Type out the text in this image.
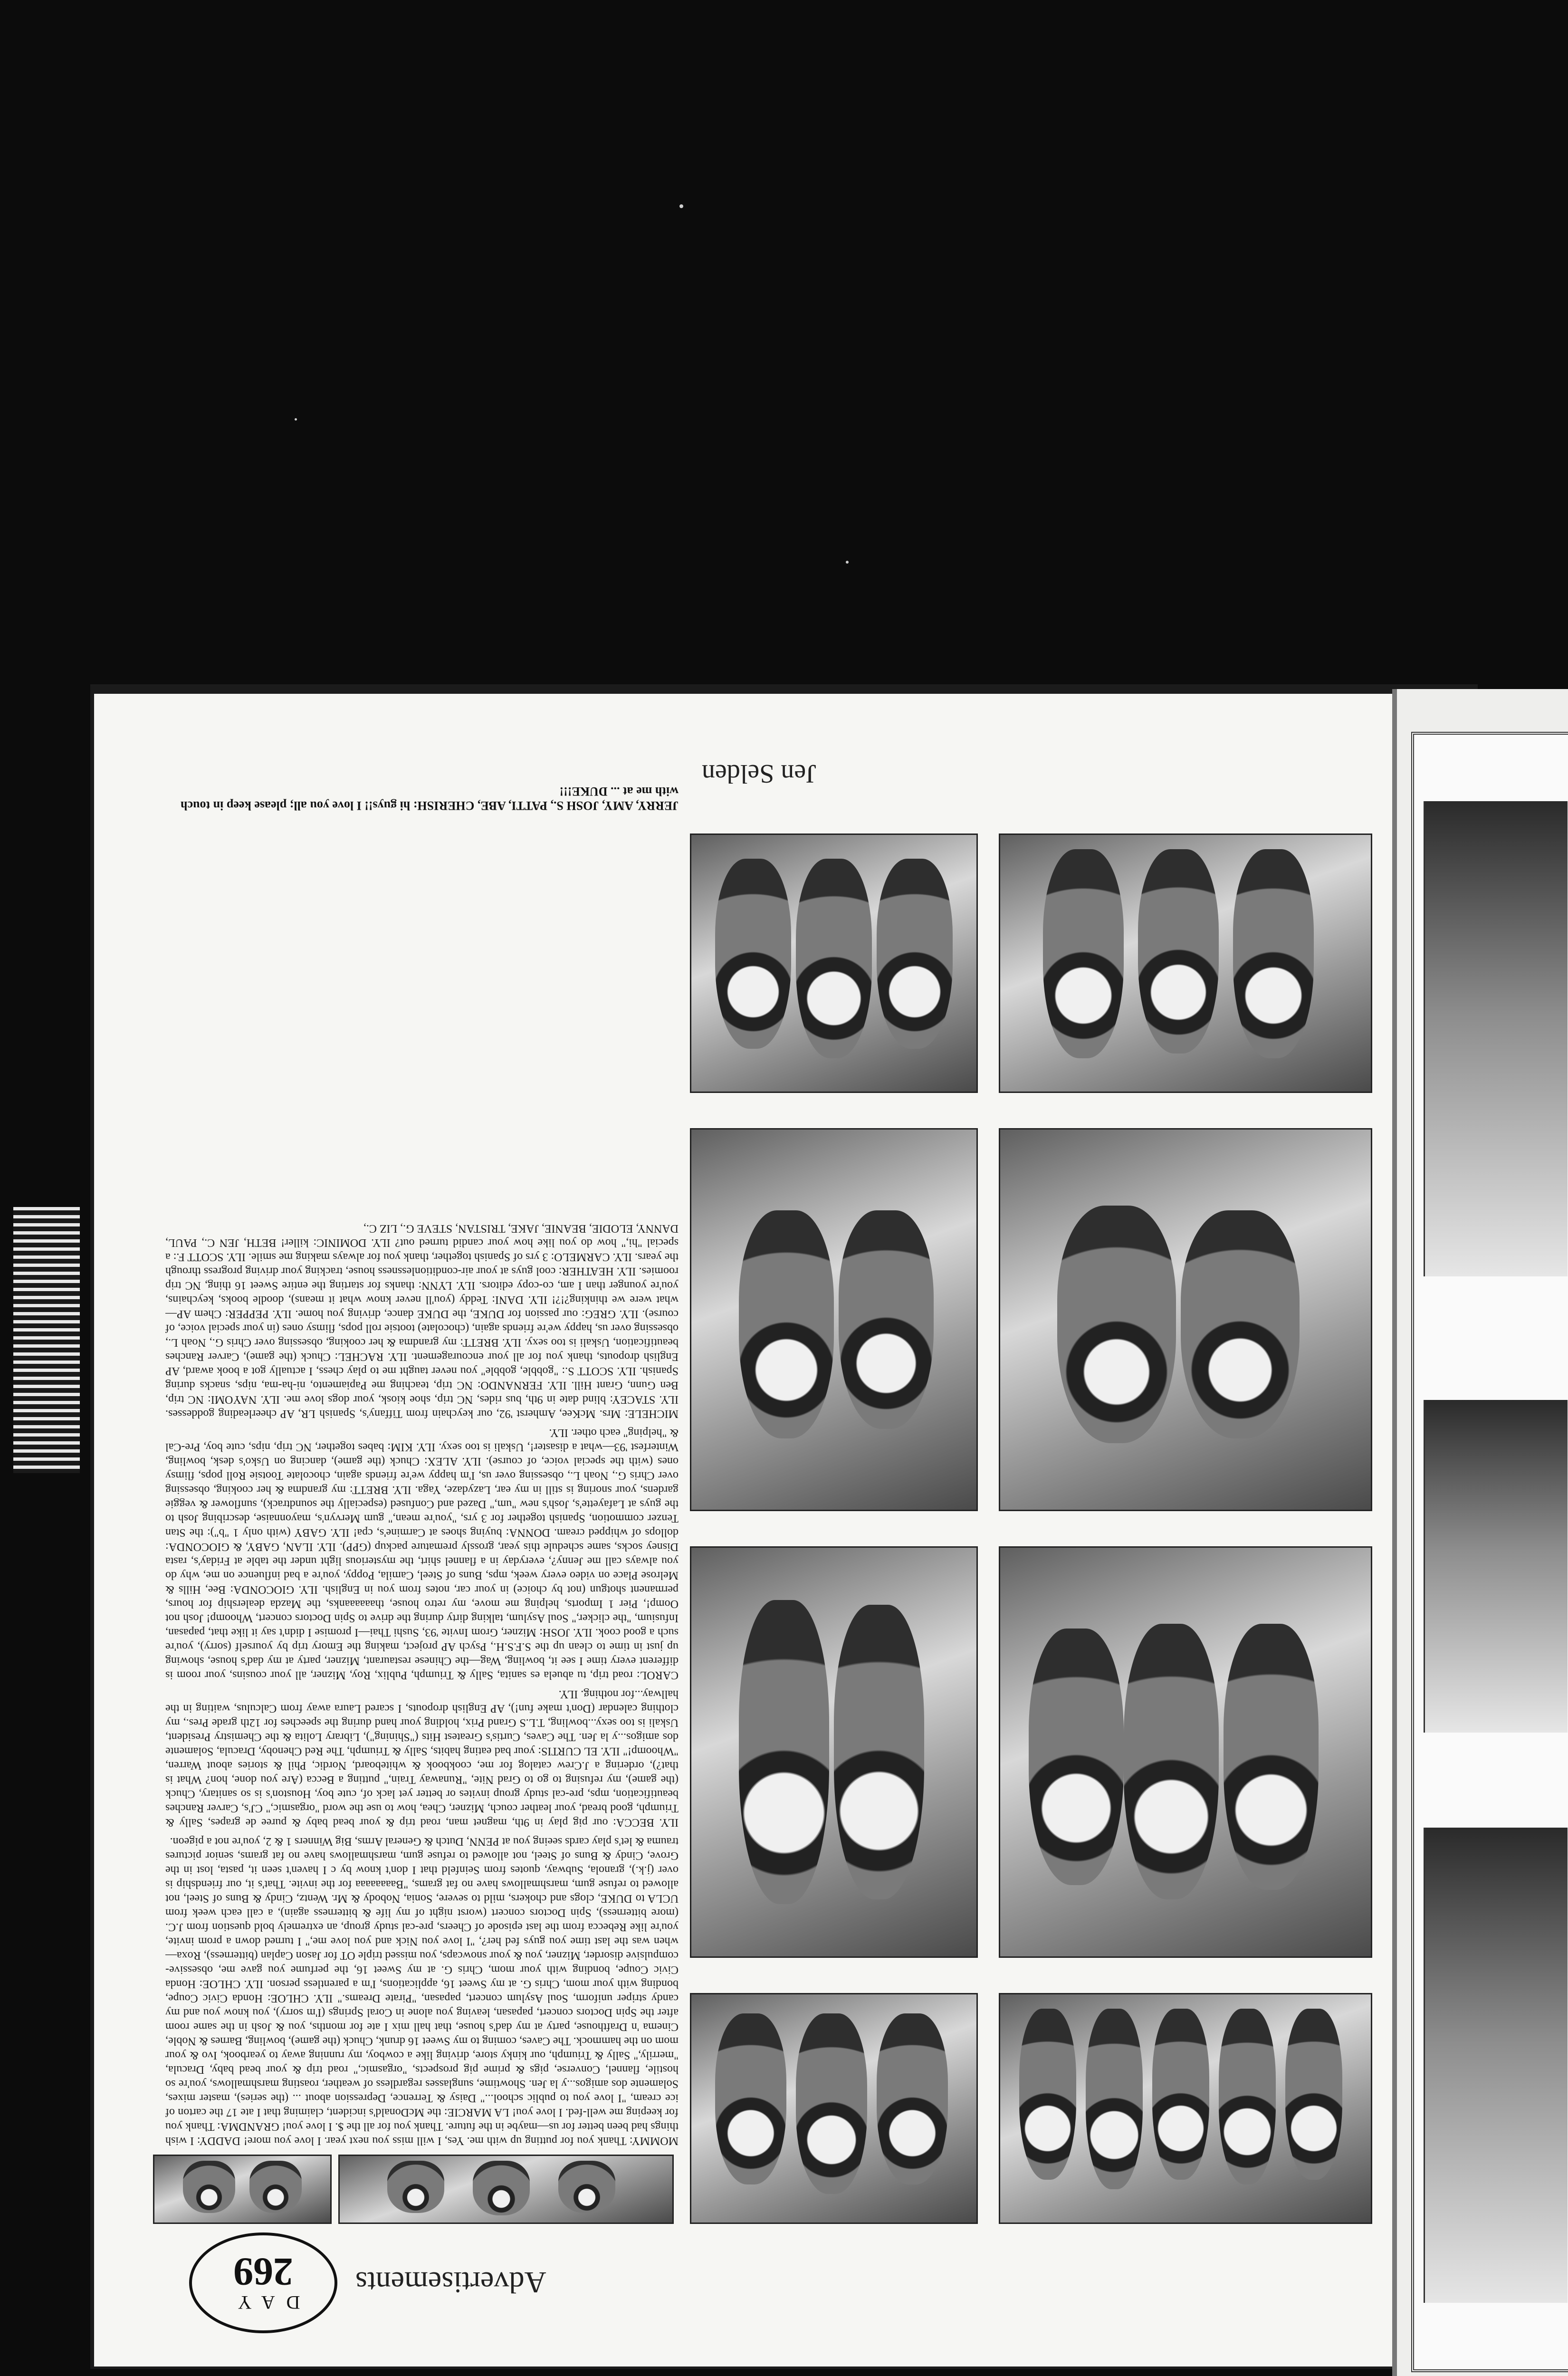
DAY
269 Advertisements

MOMMY: Thank you for putting up with me. Yes, I will miss you next year. I love you more! DADDY: I wish things had been better for us—maybe in the future. Thank you for all the $. I love you! GRANDMA: Thank you for keeping me well-fed. I love you! LA MARCIE: the McDonald's incident, claiming that I ate 17 the carton of ice cream, "I love you to public school..." Daisy & Terrence, Depression about ... (the series), master mixes, Solamente dos amigos...y la Jen. Showtime, sunglasses regardless of weather, roasting marshmallows, you're so hostile, flannel, Converse, pigs & prime pig prospects, "orgasmic," road trip & your bead baby, Dracula, "merrily," Sally & Triumph, our kinky store, driving like a cowboy, my running away to yearbook, Ivo & your mom on the hammock. The Caves, coming to my Sweet 16 drunk, Chuck (the game), bowling, Barnes & Noble, Cinema 'n Drafthouse, party at my dad's house, that hall mix I ate for months, you & Josh in the same room after the Spin Doctors concert, papasan, leaving you alone in Coral Springs (I'm sorry), you know you and my candy striper uniform, Soul Asylum concert, papasan, "Pirate Dreams." ILY. CHLOE: Honda Civic Coupe, bonding with your mom, Chris G. at my Sweet 16, applications, I'm a parentless person. ILY. CHLOE: Honda Civic Coupe, bonding with your mom, Chris G. at my Sweet 16, the perfume you gave me, obsessive-compulsive disorder, Mizner, you & your snowcaps, you missed triple OT for Jason Caplan (bitterness), Roxa—when was the last time you guys fed her?, "I love you Nick and you love me," I turned down a prom invite, you're like Rebecca from the last episode of Cheers, pre-cal study group, an extremely bold question from J.C. (more bitterness), Spin Doctors concert (worst night of my life & bitterness again), a call each week from UCLA to DUKE, clogs and chokers, mild to severe, Sonia, Nobody & Mr. Wentz, Cindy & Buns of Steel, not allowed to refuse gum, marshmallows have no fat grams, "Baaaaaaaa for the invite. That's it, our friendship is over (j.k.), granola, Subway, quotes from Seinfeld that I don't know by c I haven't seen it, pasta, lost in the Grove, Cindy & Buns of Steel, not allowed to refuse gum, marshmallows have no fat grams, senior pictures trauma & let's play cards seeing you at PENN, Dutch & General Arms, Big Winners 1 & 2, you're not a pigeon.

ILY. BECCA: our pig play in 9th, magnet man, road trip & your bead baby & puree de grapes, Sally & Triumph, good bread, your leather couch, Mizner, Chea, how to use the word "orgasmic," CJ's, Carver Ranches beautification, mps, pre-cal study group invites or better yet lack of, cute boy, Houston's is so sanitary, Chuck (the game), my refusing to go to Grad Nite, "Runaway Train," putting a Becca (Are you done, hon? What is that?), ordering a J.Crew catalog for me, cookbook & whiteboard, Nordic, Phil & stories about Warren, "Whoomp!" ILY. EL CURTIS: your bad eating habits, Sally & Triumph, The Red Chenoby, Dracula, Solamente dos amigos...y la Jen. The Caves, Curtis's Greatest Hits ("Shining"), Library Lolita & the Chemistry President, Uskali is too sexy...bowling, T.L.S Grand Prix, holding your hand during the speeches for 12th grade Pres., my clothing calendar (Don't make fun!), AP English dropouts, I scared Laura away from Calculus, waiting in the hallway...for nothing. ILY.

CAROL: road trip, tu abuela es sanita, Sally & Triumph, Publix, Roy, Mizner, all your cousins, your room is different every time I see it, bowling, Wag—the Chinese restaurant, Mizner, party at my dad's house, showing up just in time to clean up the S.F.S.H., Psych AP project, making the Emory trip by yourself (sorry), you're such a good cook. ILY. JOSH: Mizner, Grom Invite '93, Sushi Thai—I promise I didn't say it like that, papasan, Infusium, "the clicker," Soul Asylum, talking dirty during the drive to Spin Doctors concert, Whoomp! Josh not Oomp!, Pier 1 Imports, helping me move, my retro house, thaaaaaanks, the Mazda dealership for hours, permanent shotgun (not by choice) in your car, notes from you in English. ILY. GIOCONDA: Bee, Hills & Melrose Place on video every week, mps, Buns of Steel, Camila, Poppy, you're a bad influence on me, why do you always call me Jenny?, everyday in a flannel shirt, the mysterious light under the table at Friday's, rasta Disney socks, same schedule this year, grossly premature packup (GPP). ILY. ILAN, GABY, & GIOCONDA: dollops of whipped cream. DONNA: buying shoes at Carmine's, cpa! ILY. GABY (with only 1 "b"): the Stan Tenzer commotion, Spanish together for 3 yrs, "you're mean," gum Mervyn's, mayonnaise, describing Josh to the guys at Lafayette's, Josh's new "um," Dazed and Confused (especially the soundtrack), sunflower & veggie gardens, your snoring is still in my ear, Lazydaze, Yaga. ILY. BRETT: my grandma & her cooking, obsessing over Chris G., Noah L., obsessing over us, I'm happy we're friends again, chocolate Tootsie Roll pops, flimsy ones (with the special voice, of course). ILY. ALEX: Chuck (the game), dancing on Usko's desk, bowling, Winterfest '93—what a disaster!, Uskali is too sexy. ILY. KIM: babes together, NC trip, nips, cute boy, Pre-Cal & "helping" each other. ILY.

MICHELE: Mrs. McKee, Amherst '92, our keychain from Tiffany's, Spanish LR, AP cheerleading goddesses. ILY. STACEY: blind date in 9th, bus rides, NC trip, shoe kiosk, your dogs love me. ILY. NAYOMI: NC trip, Ben Gunn, Grant Hill. ILY. FERNANDO: NC trip, teaching me Papiamento, ni-ha-ma, nips, snacks during Spanish. ILY. SCOTT S.: "gobble, gobble" you never taught me to play chess, I actually got a book award, AP English dropouts, thank you for all your encouragement. ILY. RACHEL: Chuck (the game), Carver Ranches beautification, Uskali is too sexy. ILY. BRETT: my grandma & her cooking, obsessing over Chris G., Noah L., obsessing over us, happy we're friends again, (chocolate) tootsie roll pops, flimsy ones (in your special voice, of course). ILY. GREG: our passion for DUKE, the DUKE dance, driving you home. ILY. PEPPER: Chem AP—what were we thinking?!?! ILY. DANI: Teddy (you'll never know what it means), doodle books, keychains, you're younger than I am, co-copy editors. ILY. LYNN: thanks for starting the entire Sweet 16 thing, NC trip roomies. ILY. HEATHER: cool guys at your air-conditionlessness house, tracking your driving progress through the years. ILY. CARMELO: 3 yrs of Spanish together, thank you for always making me smile. ILY. SCOTT F.: a special "hi," how do you like how your candid turned out? ILY. DOMINIC: killer! BETH, JEN C., PAUL, DANNY, ELODIE, BEANIE, JAKE, TRISTAN, STEVE G., LIZ C.,

JERRY, AMY, JOSH S., PATTI, ABE, CHERISH: hi guys!! I love you all; please keep in touch with me at ... DUKE!!!
Jen Selden
